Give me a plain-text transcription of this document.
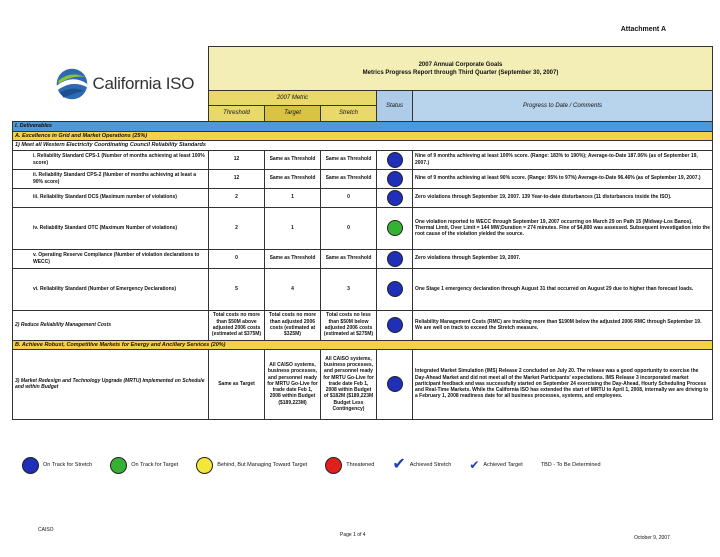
Attachment A
California ISO	2007 Annual Corporate Goals
Metrics Progress Report through Third Quarter (September 30, 2007)				

	2007 Metric			Status	Progress to Date / Comments
	Threshold	Target	Stretch		
I. Deliverables					
A. Excellence in Grid and Market Operations (25%)					
1) Meet all Western Electricity Coordinating Council Reliability Standards					
i. Reliability Standard CPS-1 (Number of months achieving at least 100% score)	12	Same as Threshold	Same as Threshold		Nine of 9 months achieving at least 100% score. (Range: 183% to 190%); Average-to-Date 187.06% (as of September 19, 2007.)
ii. Reliability Standard CPS-2 (Number of months achieving at least a 90% score)	12	Same as Threshold	Same as Threshold		Nine of 9 months achieving at least 90% score. (Range: 95% to 97%) Average-to-Date 96.46% (as of September 19, 2007.)
iii. Reliability Standard DCS (Maximum number of violations)	2	1	0		Zero violations through September 19, 2007. 139 Year-to-date disturbances (11 disturbances inside the ISO).
iv. Reliability Standard OTC (Maximum Number of violations)	2	1	0		One violation reported to WECC through September 19, 2007 occurring on March 29 on Path 15 (Midway-Los Banos). Thermal Limit, Over Limit = 144 MW;Duration = 274 minutes. Fine of $4,800 was assessed. Subsequent investigation into the root cause of the violation yielded the source.
v. Operating Reserve Compliance (Number of violation declarations to WECC)	0	Same as Threshold	Same as Threshold		Zero violations through September 19, 2007.
vi. Reliability Standard (Number of Emergency Declarations)	5	4	3		One Stage 1 emergency declaration through August 31 that occurred on August 29 due to higher than forecast loads.
2) Reduce Reliability Management Costs	Total costs no more than $50M above adjusted 2006 costs (estimated at $375M)	Total costs no more than adjusted 2006 costs (estimated at $325M)	Total costs no less than $50M below adjusted 2006 costs (estimated at $275M)		Reliability Management Costs (RMC) are tracking more than $190M below the adjusted 2006 RMC through September 19. We are well on track to exceed the Stretch measure.
B. Achieve Robust, Competitive Markets for Energy and Ancillary Services (20%)					
3) Market Redesign and Technology Upgrade (MRTU) Implemented on Schedule and within Budget	Same as Target	All CAISO systems, business processes, and personnel ready for MRTU Go-Live for trade date Feb 1, 2008 within Budget ($189,223M)	All CAISO systems, business processes, and personnel ready for MRTU Go-Live for trade date Feb 1, 2008 within Budget of $182M ($189,223M Budget Less Contingency)		Integrated Market Simulation (IMS) Release 2 concluded on July 20. The release was a good opportunity to exercise the Day-Ahead Market and did not meet all of the Market Participants' expectations. IMS Release 3 incorporated market participant feedback and was successfully started on September 24 exercising the Day-Ahead, Hourly Scheduling Process and Real-Time Markets. While the California ISO has extended the start of MRTU to April 1, 2008, internally we are driving to a February 1, 2008 readiness date for all business processes, systems, and employees.
On Track for Stretch	On Track for Target	Behind, But Managing Toward Target	Threatened ✔ Achieved Stretch ✔ Achieved Target	TBD - To Be Determined
CAISO
Page 1 of 4	October 9, 2007
